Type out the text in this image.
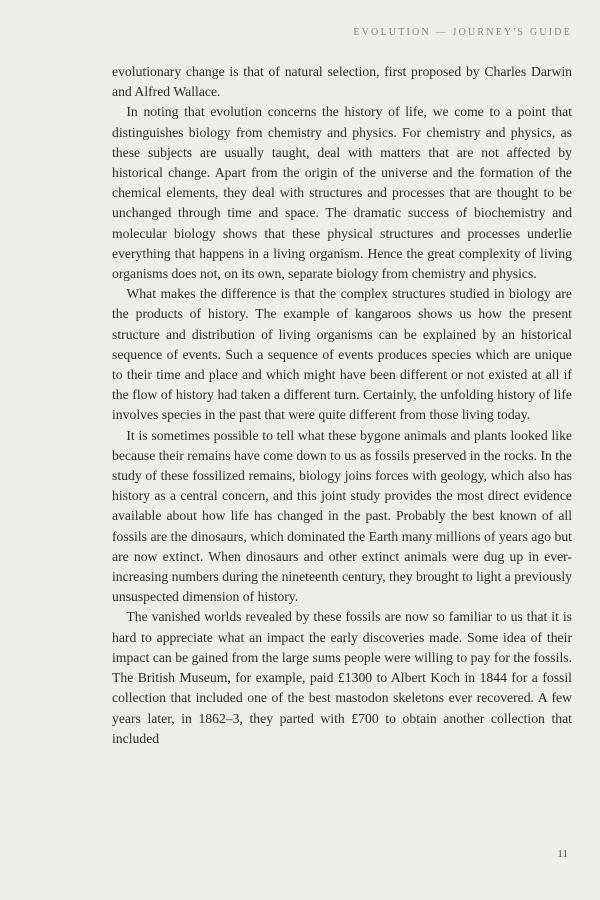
EVOLUTION — JOURNEY'S GUIDE

evolutionary change is that of natural selection, first proposed by Charles Darwin and Alfred Wallace.

In noting that evolution concerns the history of life, we come to a point that distinguishes biology from chemistry and physics. For chemistry and physics, as these subjects are usually taught, deal with matters that are not affected by historical change. Apart from the origin of the universe and the formation of the chemical elements, they deal with structures and processes that are thought to be unchanged through time and space. The dramatic success of biochemistry and molecular biology shows that these physical structures and processes underlie everything that happens in a living organism. Hence the great complexity of living organisms does not, on its own, separate biology from chemistry and physics.

What makes the difference is that the complex structures studied in biology are the products of history. The example of kangaroos shows us how the present structure and distribution of living organisms can be explained by an historical sequence of events. Such a sequence of events produces species which are unique to their time and place and which might have been different or not existed at all if the flow of history had taken a different turn. Certainly, the unfolding history of life involves species in the past that were quite different from those living today.

It is sometimes possible to tell what these bygone animals and plants looked like because their remains have come down to us as fossils preserved in the rocks. In the study of these fossilized remains, biology joins forces with geology, which also has history as a central concern, and this joint study provides the most direct evidence available about how life has changed in the past. Probably the best known of all fossils are the dinosaurs, which dominated the Earth many millions of years ago but are now extinct. When dinosaurs and other extinct animals were dug up in ever-increasing numbers during the nineteenth century, they brought to light a previously unsuspected dimension of history.

The vanished worlds revealed by these fossils are now so familiar to us that it is hard to appreciate what an impact the early discoveries made. Some idea of their impact can be gained from the large sums people were willing to pay for the fossils. The British Museum, for example, paid £1300 to Albert Koch in 1844 for a fossil collection that included one of the best mastodon skeletons ever recovered. A few years later, in 1862–3, they parted with £700 to obtain another collection that included

11
